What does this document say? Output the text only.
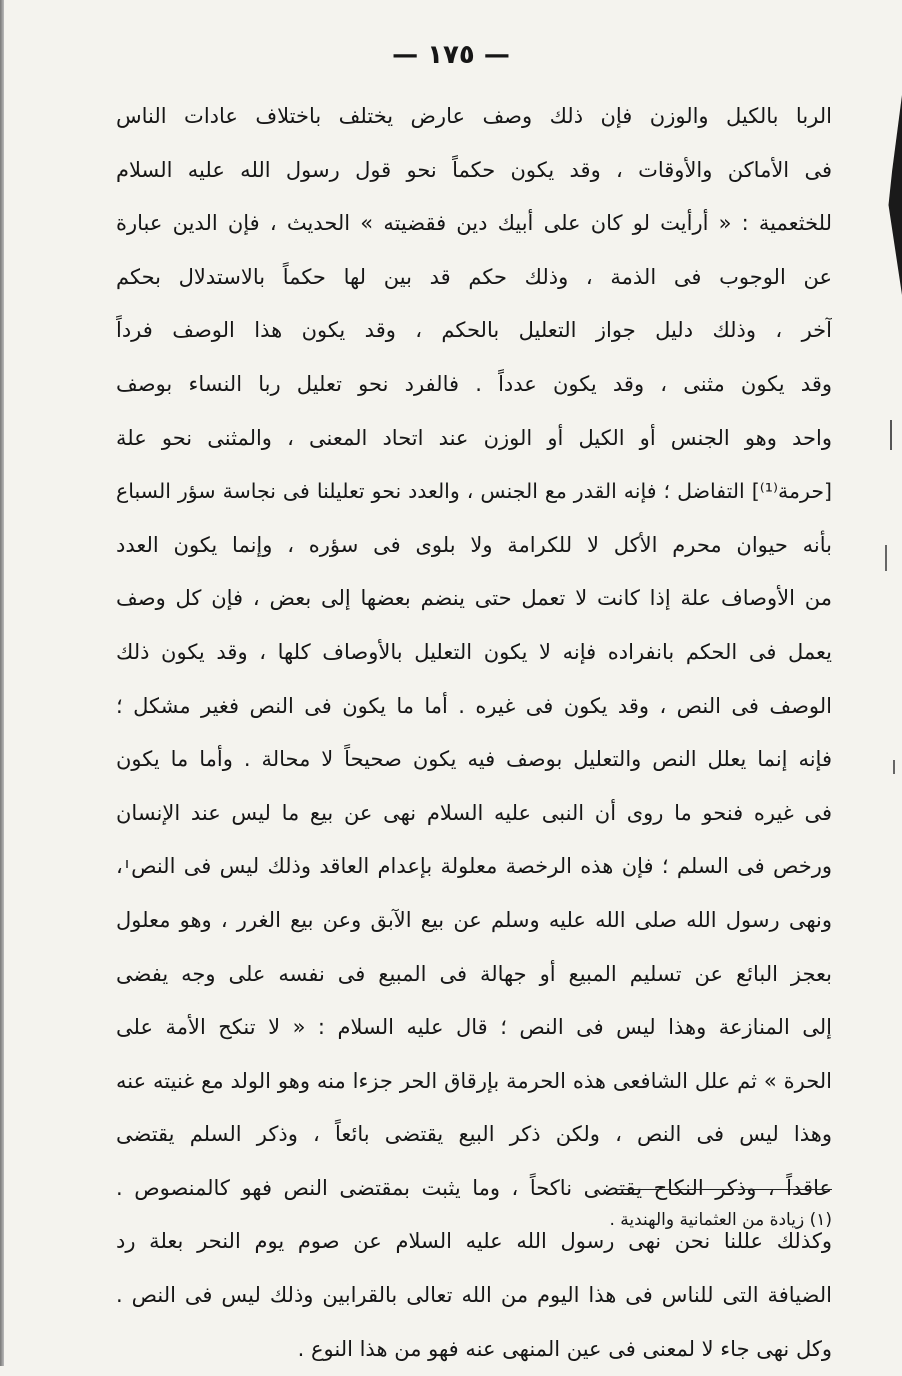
— ١٧٥ —
الربا بالكيل والوزن فإن ذلك وصف عارض يختلف باختلاف عادات الناس
فى الأماكن والأوقات ، وقد يكون حكماً نحو قول رسول الله عليه السلام
للخثعمية : « أرأيت لو كان على أبيك دين فقضيته » الحديث ، فإن الدين عبارة
عن الوجوب فى الذمة ، وذلك حكم قد بين لها حكماً بالاستدلال بحكم
آخر ، وذلك دليل جواز التعليل بالحكم ، وقد يكون هذا الوصف فرداً
وقد يكون مثنى ، وقد يكون عدداً . فالفرد نحو تعليل ربا النساء بوصف
واحد وهو الجنس أو الكيل أو الوزن عند اتحاد المعنى ، والمثنى نحو علة
[حرمة⁽¹⁾] التفاضل ؛ فإنه القدر مع الجنس ، والعدد نحو تعليلنا فى نجاسة سؤر السباع
بأنه حيوان محرم الأكل لا للكرامة ولا بلوى فى سؤره ، وإنما يكون العدد
من الأوصاف علة إذا كانت لا تعمل حتى ينضم بعضها إلى بعض ، فإن كل وصف
يعمل فى الحكم بانفراده فإنه لا يكون التعليل بالأوصاف كلها ، وقد يكون ذلك
الوصف فى النص ، وقد يكون فى غيره . أما ما يكون فى النص فغير مشكل ؛
فإنه إنما يعلل النص والتعليل بوصف فيه يكون صحيحاً لا محالة . وأما ما يكون
فى غيره فنحو ما روى أن النبى عليه السلام نهى عن بيع ما ليس عند الإنسان
ورخص فى السلم ؛ فإن هذه الرخصة معلولة بإعدام العاقد وذلك ليس فى النص ،
ونهى رسول الله صلى الله عليه وسلم عن بيع الآبق وعن بيع الغرر ، وهو معلول
بعجز البائع عن تسليم المبيع أو جهالة فى المبيع فى نفسه على وجه يفضى
إلى المنازعة وهذا ليس فى النص ؛ قال عليه السلام : « لا تنكح الأمة على
الحرة » ثم علل الشافعى هذه الحرمة بإرقاق الحر جزءا منه وهو الولد مع غنيته عنه
وهذا ليس فى النص ، ولكن ذكر البيع يقتضى بائعاً ، وذكر السلم يقتضى
عاقداً ، وذكر النكاح يقتضى ناكحاً ، وما يثبت بمقتضى النص فهو كالمنصوص .
وكذلك عللنا نحن نهى رسول الله عليه السلام عن صوم يوم النحر بعلة رد
الضيافة التى للناس فى هذا اليوم من الله تعالى بالقرابين وذلك ليس فى النص .
وكل نهى جاء لا لمعنى فى عين المنهى عنه فهو من هذا النوع .
(١) زيادة من العثمانية والهندية .
